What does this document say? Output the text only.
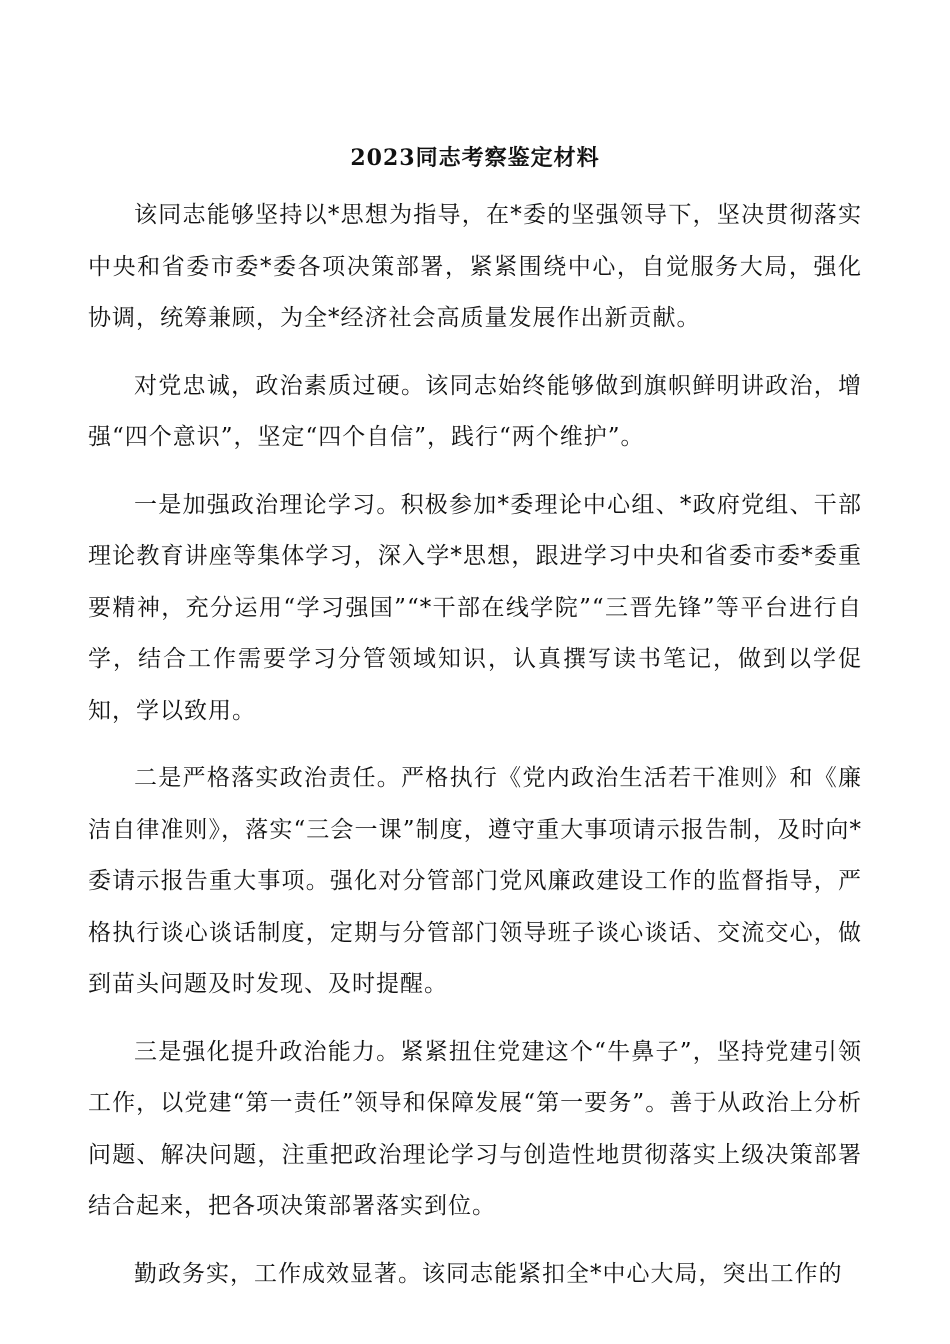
2023同志考察鉴定材料

该同志能够坚持以*思想为指导，在*委的坚强领导下，坚决贯彻落实中央和省委市委*委各项决策部署，紧紧围绕中心，自觉服务大局，强化协调，统筹兼顾，为全*经济社会高质量发展作出新贡献。

对党忠诚，政治素质过硬。该同志始终能够做到旗帜鲜明讲政治，增强“四个意识”，坚定“四个自信”，践行“两个维护”。

一是加强政治理论学习。积极参加*委理论中心组、*政府党组、干部理论教育讲座等集体学习，深入学*思想，跟进学习中央和省委市委*委重要精神，充分运用“学习强国”“*干部在线学院”“三晋先锋”等平台进行自学，结合工作需要学习分管领域知识，认真撰写读书笔记，做到以学促知，学以致用。

二是严格落实政治责任。严格执行《党内政治生活若干准则》和《廉洁自律准则》，落实“三会一课”制度，遵守重大事项请示报告制，及时向*委请示报告重大事项。强化对分管部门党风廉政建设工作的监督指导，严格执行谈心谈话制度，定期与分管部门领导班子谈心谈话、交流交心，做到苗头问题及时发现、及时提醒。

三是强化提升政治能力。紧紧扭住党建这个“牛鼻子”，坚持党建引领工作，以党建“第一责任”领导和保障发展“第一要务”。善于从政治上分析问题、解决问题，注重把政治理论学习与创造性地贯彻落实上级决策部署结合起来，把各项决策部署落实到位。

勤政务实，工作成效显著。该同志能紧扣全*中心大局，突出工作的
